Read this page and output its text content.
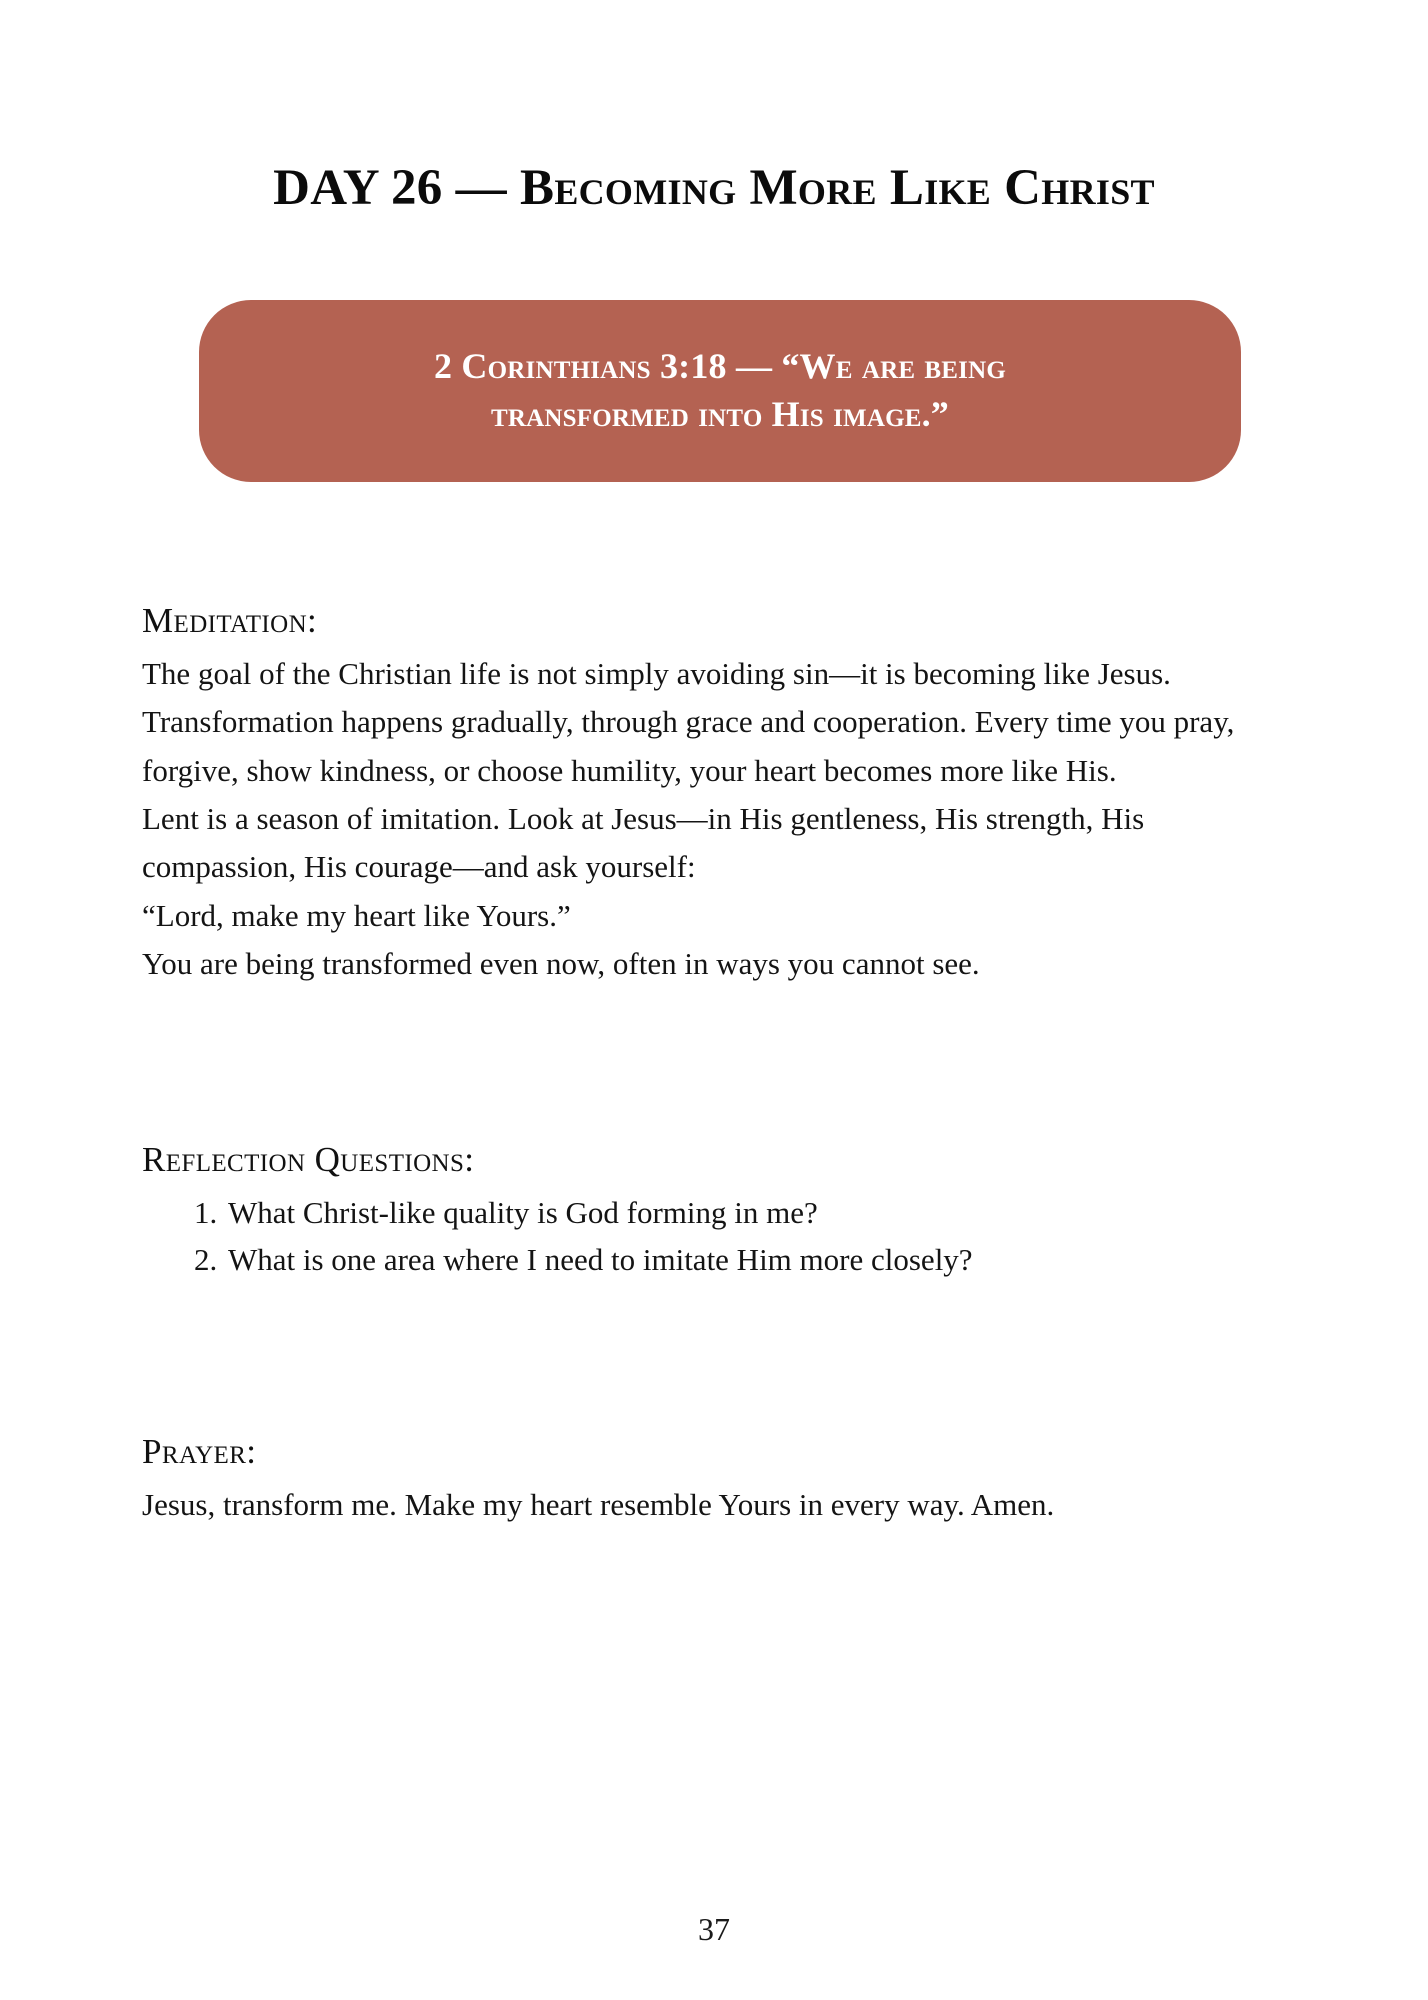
DAY 26 — Becoming More Like Christ
2 Corinthians 3:18 — “We are being
transformed into His image.”
Meditation:

The goal of the Christian life is not simply avoiding sin—it is becoming like Jesus. Transformation happens gradually, through grace and cooperation. Every time you pray, forgive, show kindness, or choose humility, your heart becomes more like His.

Lent is a season of imitation. Look at Jesus—in His gentleness, His strength, His compassion, His courage—and ask yourself:

“Lord, make my heart like Yours.”

You are being transformed even now, often in ways you cannot see.

Reflection Questions:
1. What Christ-like quality is God forming in me?
2. What is one area where I need to imitate Him more closely?
Prayer:

Jesus, transform me. Make my heart resemble Yours in every way. Amen.

37
